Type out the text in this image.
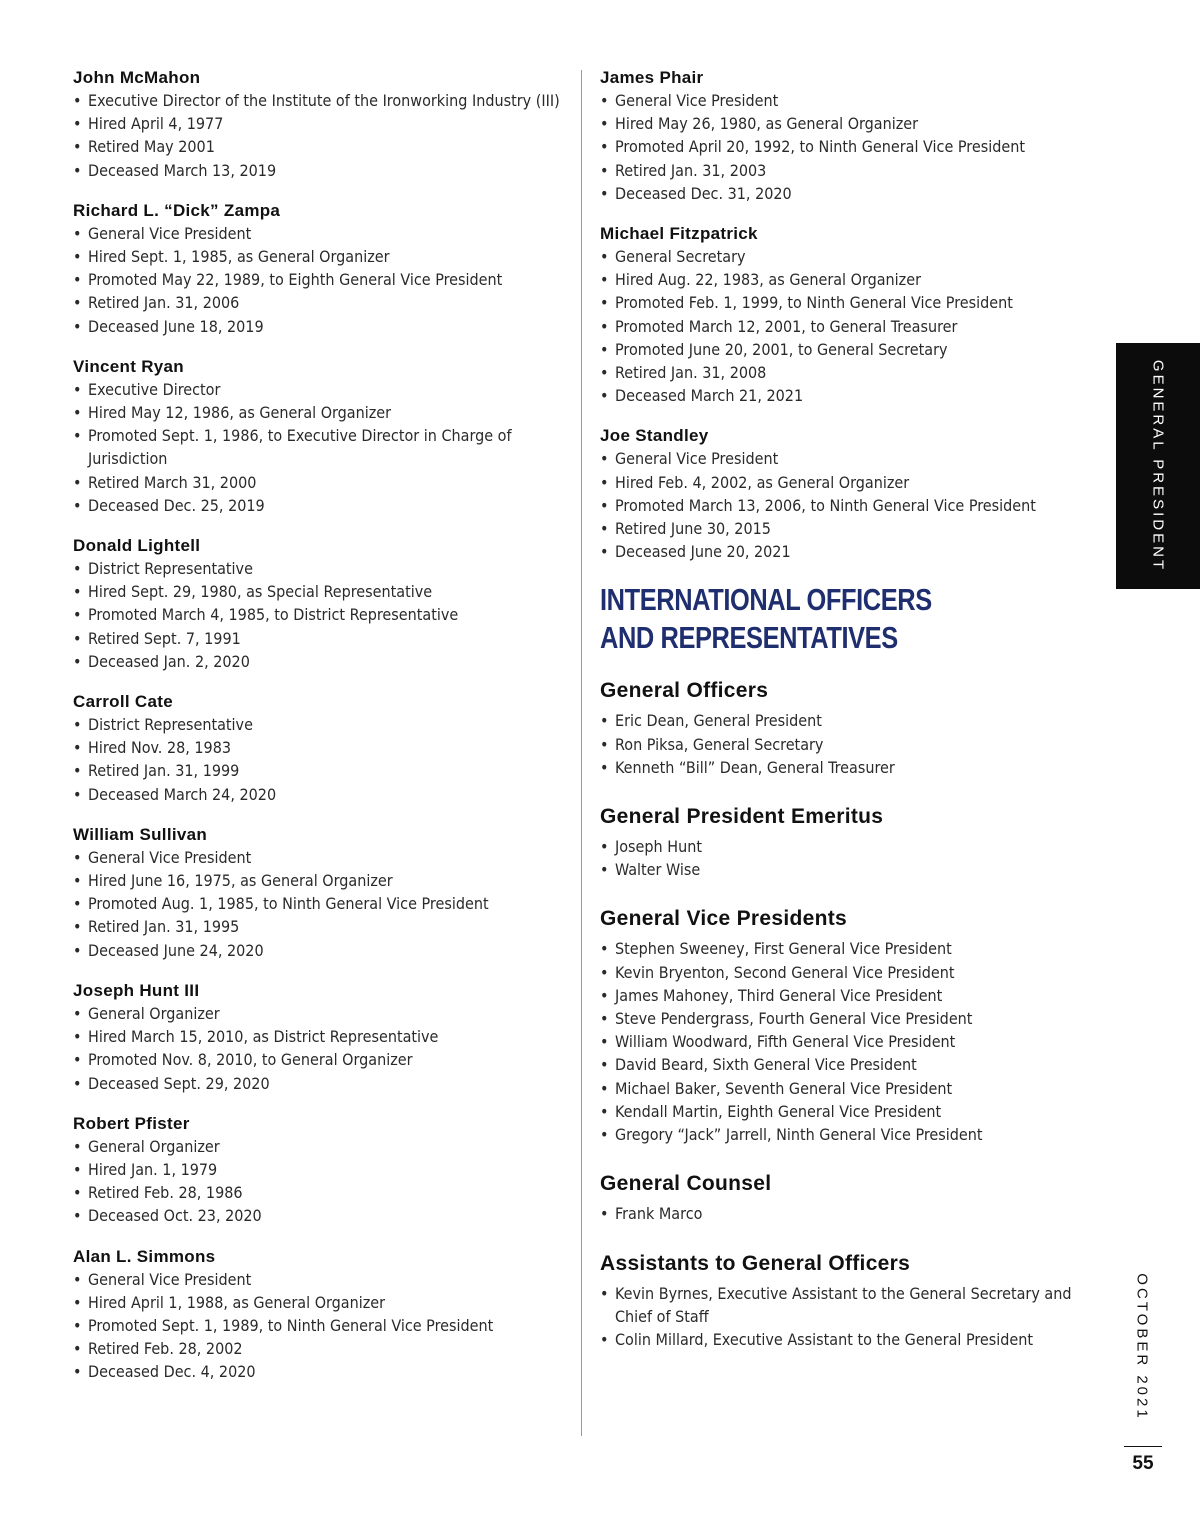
John McMahon
• Executive Director of the Institute of the Ironworking Industry (III)
• Hired April 4, 1977
• Retired May 2001
• Deceased March 13, 2019
Richard L. “Dick” Zampa
• General Vice President
• Hired Sept. 1, 1985, as General Organizer
• Promoted May 22, 1989, to Eighth General Vice President
• Retired Jan. 31, 2006
• Deceased June 18, 2019
Vincent Ryan
• Executive Director
• Hired May 12, 1986, as General Organizer
• Promoted Sept. 1, 1986, to Executive Director in Charge of Jurisdiction
• Retired March 31, 2000
• Deceased Dec. 25, 2019
Donald Lightell
• District Representative
• Hired Sept. 29, 1980, as Special Representative
• Promoted March 4, 1985, to District Representative
• Retired Sept. 7, 1991
• Deceased Jan. 2, 2020
Carroll Cate
• District Representative
• Hired Nov. 28, 1983
• Retired Jan. 31, 1999
• Deceased March 24, 2020
William Sullivan
• General Vice President
• Hired June 16, 1975, as General Organizer
• Promoted Aug. 1, 1985, to Ninth General Vice President
• Retired Jan. 31, 1995
• Deceased June 24, 2020
Joseph Hunt III
• General Organizer
• Hired March 15, 2010, as District Representative
• Promoted Nov. 8, 2010, to General Organizer
• Deceased Sept. 29, 2020
Robert Pfister
• General Organizer
• Hired Jan. 1, 1979
• Retired Feb. 28, 1986
• Deceased Oct. 23, 2020
Alan L. Simmons
• General Vice President
• Hired April 1, 1988, as General Organizer
• Promoted Sept. 1, 1989, to Ninth General Vice President
• Retired Feb. 28, 2002
• Deceased Dec. 4, 2020
James Phair
• General Vice President
• Hired May 26, 1980, as General Organizer
• Promoted April 20, 1992, to Ninth General Vice President
• Retired Jan. 31, 2003
• Deceased Dec. 31, 2020
Michael Fitzpatrick
• General Secretary
• Hired Aug. 22, 1983, as General Organizer
• Promoted Feb. 1, 1999, to Ninth General Vice President
• Promoted March 12, 2001, to General Treasurer
• Promoted June 20, 2001, to General Secretary
• Retired Jan. 31, 2008
• Deceased March 21, 2021
Joe Standley
• General Vice President
• Hired Feb. 4, 2002, as General Organizer
• Promoted March 13, 2006, to Ninth General Vice President
• Retired June 30, 2015
• Deceased June 20, 2021
INTERNATIONAL OFFICERS
AND REPRESENTATIVES
General Officers
• Eric Dean, General President
• Ron Piksa, General Secretary
• Kenneth “Bill” Dean, General Treasurer
General President Emeritus
• Joseph Hunt
• Walter Wise
General Vice Presidents
• Stephen Sweeney, First General Vice President
• Kevin Bryenton, Second General Vice President
• James Mahoney, Third General Vice President
• Steve Pendergrass, Fourth General Vice President
• William Woodward, Fifth General Vice President
• David Beard, Sixth General Vice President
• Michael Baker, Seventh General Vice President
• Kendall Martin, Eighth General Vice President
• Gregory “Jack” Jarrell, Ninth General Vice President
General Counsel
• Frank Marco
Assistants to General Officers
• Kevin Byrnes, Executive Assistant to the General Secretary and Chief of Staff
• Colin Millard, Executive Assistant to the General President
GENERAL PRESIDENT
OCTOBER 2021
55
